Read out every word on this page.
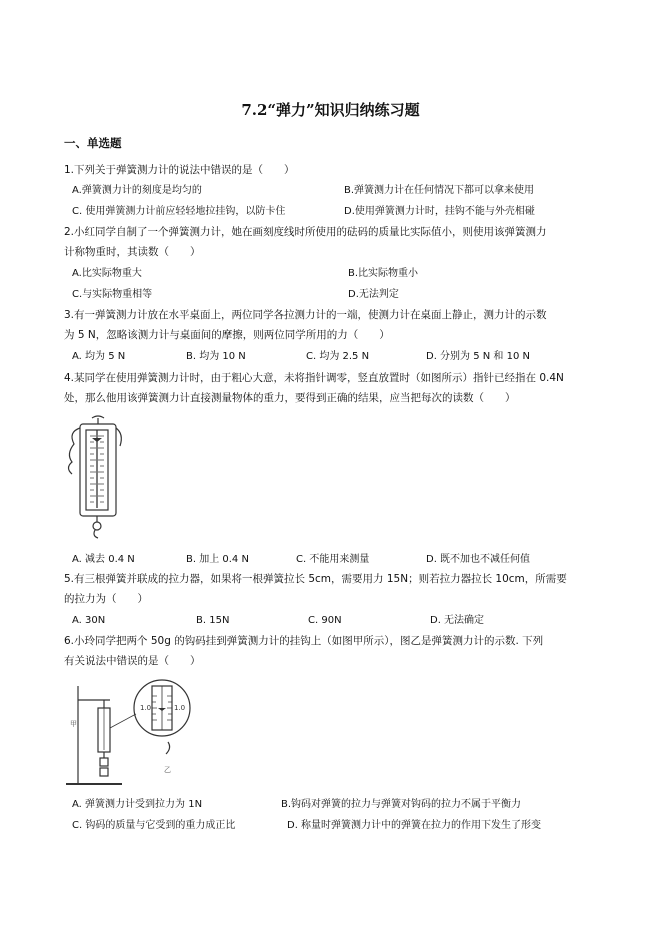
7.2“弹力”知识归纳练习题
一、单选题
1.下列关于弹簧测力计的说法中错误的是（　　）
A.弹簧测力计的刻度是均匀的	B.弹簧测力计在任何情况下都可以拿来使用
C. 使用弹簧测力计前应轻轻地拉挂钩，以防卡住	D.使用弹簧测力计时，挂钩不能与外壳相碰
2.小红同学自制了一个弹簧测力计，她在画刻度线时所使用的砝码的质量比实际值小，则使用该弹簧测力
计称物重时，其读数（　　）
A.比实际物重大	B.比实际物重小
C.与实际物重相等	D.无法判定
3.有一弹簧测力计放在水平桌面上，两位同学各拉测力计的一端，使测力计在桌面上静止，测力计的示数
为 5 N，忽略该测力计与桌面间的摩擦，则两位同学所用的力（　　）
A. 均为 5 N	B. 均为 10 N	C. 均为 2.5 N	D. 分别为 5 N 和 10 N
4.某同学在使用弹簧测力计时，由于粗心大意，未将指针调零，竖直放置时（如图所示）指针已经指在 0.4N
处，那么他用该弹簧测力计直接测量物体的重力，要得到正确的结果，应当把每次的读数（　　）
A. 减去 0.4 N	B. 加上 0.4 N	C. 不能用来测量	D. 既不加也不减任何值
5.有三根弹簧并联成的拉力器，如果将一根弹簧拉长 5cm，需要用力 15N；则若拉力器拉长 10cm，所需要
的拉力为（　　）
A. 30N	B. 15N	C. 90N	D. 无法确定
6.小玲同学把两个 50g 的钩码挂到弹簧测力计的挂钩上（如图甲所示），图乙是弹簧测力计的示数. 下列
有关说法中错误的是（　　）
甲
乙
1.0	1.0
A. 弹簧测力计受到拉力为 1N	B.钩码对弹簧的拉力与弹簧对钩码的拉力不属于平衡力
C. 钩码的质量与它受到的重力成正比	D. 称量时弹簧测力计中的弹簧在拉力的作用下发生了形变
